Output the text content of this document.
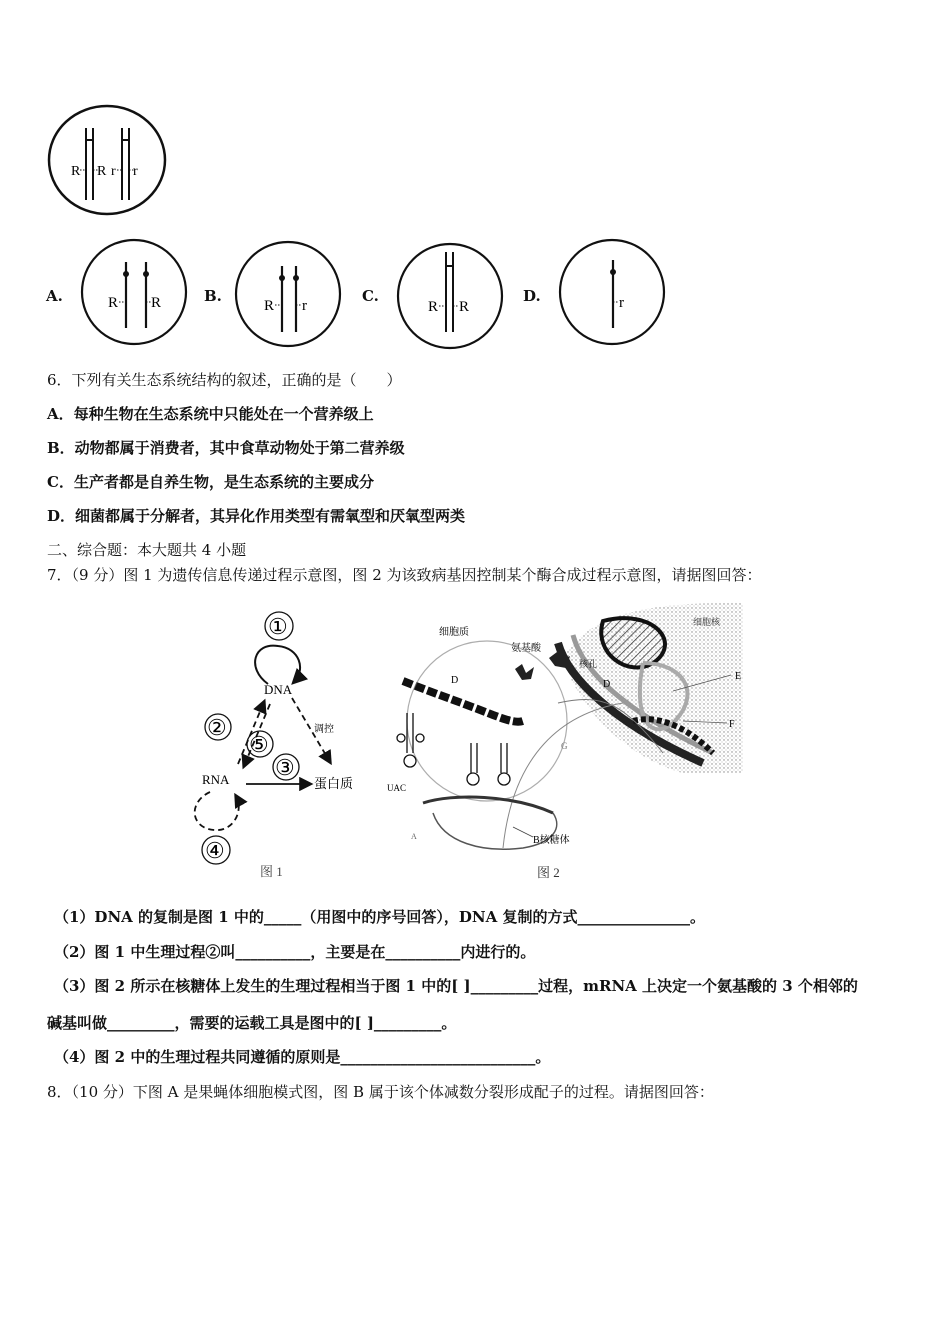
R R r r
A.	R R	B.
R r
C.
R R
D.	r
6．下列有关生态系统结构的叙述，正确的是（　　）
A．每种生物在生态系统中只能处在一个营养级上
B．动物都属于消费者，其中食草动物处于第二营养级
C．生产者都是自养生物，是生态系统的主要成分
D．细菌都属于分解者，其异化作用类型有需氧型和厌氧型两类
二、综合题：本大题共 4 小题
7．（9 分）图 1 为遗传信息传递过程示意图，图 2 为该致病基因控制某个酶合成过程示意图，请据图回答：
①
DNA
调控
②
⑤
③
RNA	蛋白质
④
图 1
细胞核
核孔
D
E
F
细胞质
氨基酸
D
UAC
G
A	B核糖体
图 2
（1）DNA 的复制是图 1 中的_____（用图中的序号回答），DNA 复制的方式_______________。
（2）图 1 中生理过程②叫__________，主要是在__________内进行的。
（3）图 2 所示在核糖体上发生的生理过程相当于图 1 中的[ ]_________过程，mRNA 上决定一个氨基酸的 3 个相邻的
碱基叫做_________，需要的运载工具是图中的[ ]_________。
（4）图 2 中的生理过程共同遵循的原则是__________________________。
8．（10 分）下图 A 是果蝇体细胞模式图，图 B 属于该个体减数分裂形成配子的过程。请据图回答：
